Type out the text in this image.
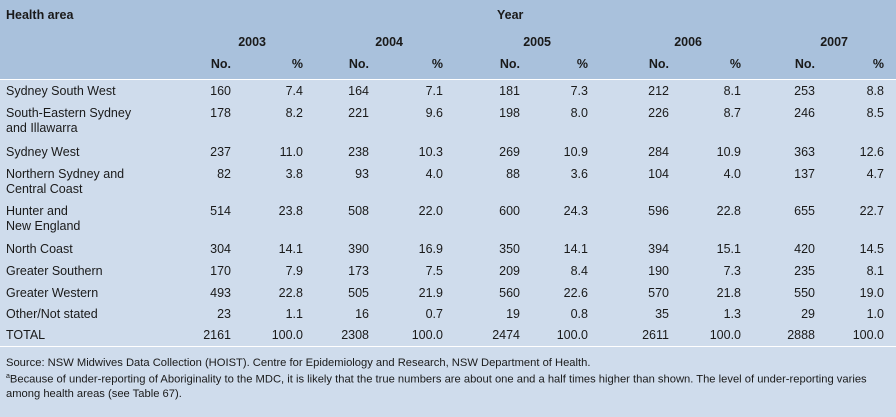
Health area	Year
2003	2004	2005	2006	2007
No.	%	No.	%	No.	%	No.	%	No.	%
Sydney South West	160	7.4	164	7.1	181	7.3	212	8.1	253	8.8
South-Eastern Sydney
and Illawarra
178	8.2	221	9.6	198	8.0	226	8.7	246	8.5
Sydney West	237	11.0	238	10.3	269	10.9	284	10.9	363	12.6
Northern Sydney and
Central Coast
82	3.8	93	4.0	88	3.6	104	4.0	137	4.7
Hunter and
New England
514	23.8	508	22.0	600	24.3	596	22.8	655	22.7
North Coast	304	14.1	390	16.9	350	14.1	394	15.1	420	14.5
Greater Southern	170	7.9	173	7.5	209	8.4	190	7.3	235	8.1
Greater Western	493	22.8	505	21.9	560	22.6	570	21.8	550	19.0
Other/Not stated	23	1.1	16	0.7	19	0.8	35	1.3	29	1.0
TOTAL	2161	100.0	2308	100.0	2474	100.0	2611	100.0	2888	100.0
Source: NSW Midwives Data Collection (HOIST). Centre for Epidemiology and Research, NSW Department of Health.
$^a$Because of under-reporting of Aboriginality to the MDC, it is likely that the true numbers are about one and a half times higher than shown. The level of under-reporting varies among health areas (see Table 67).
